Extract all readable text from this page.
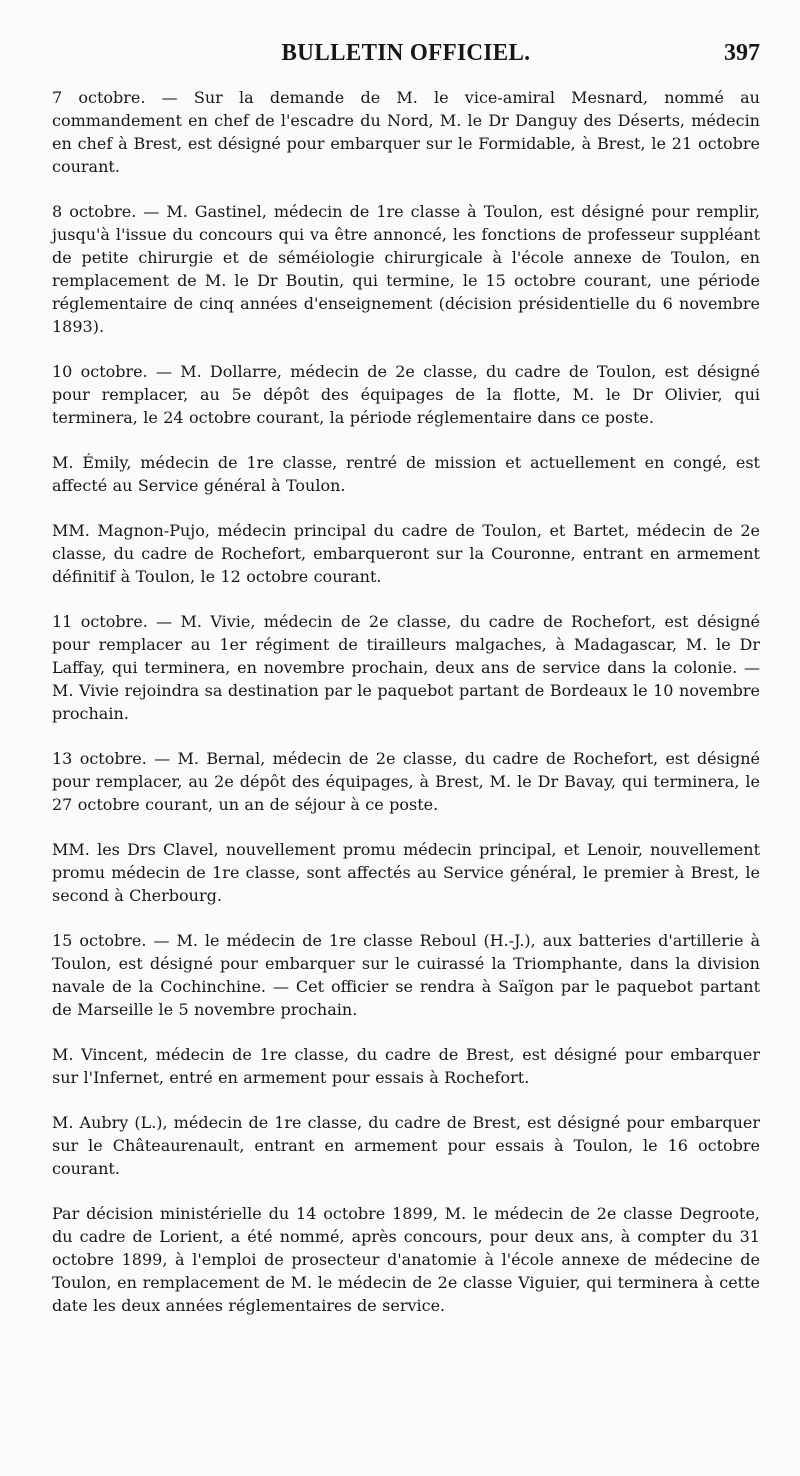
BULLETIN OFFICIEL.	397

7 octobre. — Sur la demande de M. le vice-amiral Mesnard, nommé au commandement en chef de l'escadre du Nord, M. le Dr Danguy des Déserts, médecin en chef à Brest, est désigné pour embarquer sur le Formidable, à Brest, le 21 octobre courant.

8 octobre. — M. Gastinel, médecin de 1re classe à Toulon, est désigné pour remplir, jusqu'à l'issue du concours qui va être annoncé, les fonctions de professeur suppléant de petite chirurgie et de séméiologie chirurgicale à l'école annexe de Toulon, en remplacement de M. le Dr Boutin, qui termine, le 15 octobre courant, une période réglementaire de cinq années d'enseignement (décision présidentielle du 6 novembre 1893).

10 octobre. — M. Dollarre, médecin de 2e classe, du cadre de Toulon, est désigné pour remplacer, au 5e dépôt des équipages de la flotte, M. le Dr Olivier, qui terminera, le 24 octobre courant, la période réglementaire dans ce poste.

M. Émily, médecin de 1re classe, rentré de mission et actuellement en congé, est affecté au Service général à Toulon.

MM. Magnon-Pujo, médecin principal du cadre de Toulon, et Bartet, médecin de 2e classe, du cadre de Rochefort, embarqueront sur la Couronne, entrant en armement définitif à Toulon, le 12 octobre courant.

11 octobre. — M. Vivie, médecin de 2e classe, du cadre de Rochefort, est désigné pour remplacer au 1er régiment de tirailleurs malgaches, à Madagascar, M. le Dr Laffay, qui terminera, en novembre prochain, deux ans de service dans la colonie. — M. Vivie rejoindra sa destination par le paquebot partant de Bordeaux le 10 novembre prochain.

13 octobre. — M. Bernal, médecin de 2e classe, du cadre de Rochefort, est désigné pour remplacer, au 2e dépôt des équipages, à Brest, M. le Dr Bavay, qui terminera, le 27 octobre courant, un an de séjour à ce poste.

MM. les Drs Clavel, nouvellement promu médecin principal, et Lenoir, nouvellement promu médecin de 1re classe, sont affectés au Service général, le premier à Brest, le second à Cherbourg.

15 octobre. — M. le médecin de 1re classe Reboul (H.-J.), aux batteries d'artillerie à Toulon, est désigné pour embarquer sur le cuirassé la Triomphante, dans la division navale de la Cochinchine. — Cet officier se rendra à Saïgon par le paquebot partant de Marseille le 5 novembre prochain.

M. Vincent, médecin de 1re classe, du cadre de Brest, est désigné pour embarquer sur l'Infernet, entré en armement pour essais à Rochefort.

M. Aubry (L.), médecin de 1re classe, du cadre de Brest, est désigné pour embarquer sur le Châteaurenault, entrant en armement pour essais à Toulon, le 16 octobre courant.

Par décision ministérielle du 14 octobre 1899, M. le médecin de 2e classe Degroote, du cadre de Lorient, a été nommé, après concours, pour deux ans, à compter du 31 octobre 1899, à l'emploi de prosecteur d'anatomie à l'école annexe de médecine de Toulon, en remplacement de M. le médecin de 2e classe Viguier, qui terminera à cette date les deux années réglementaires de service.
